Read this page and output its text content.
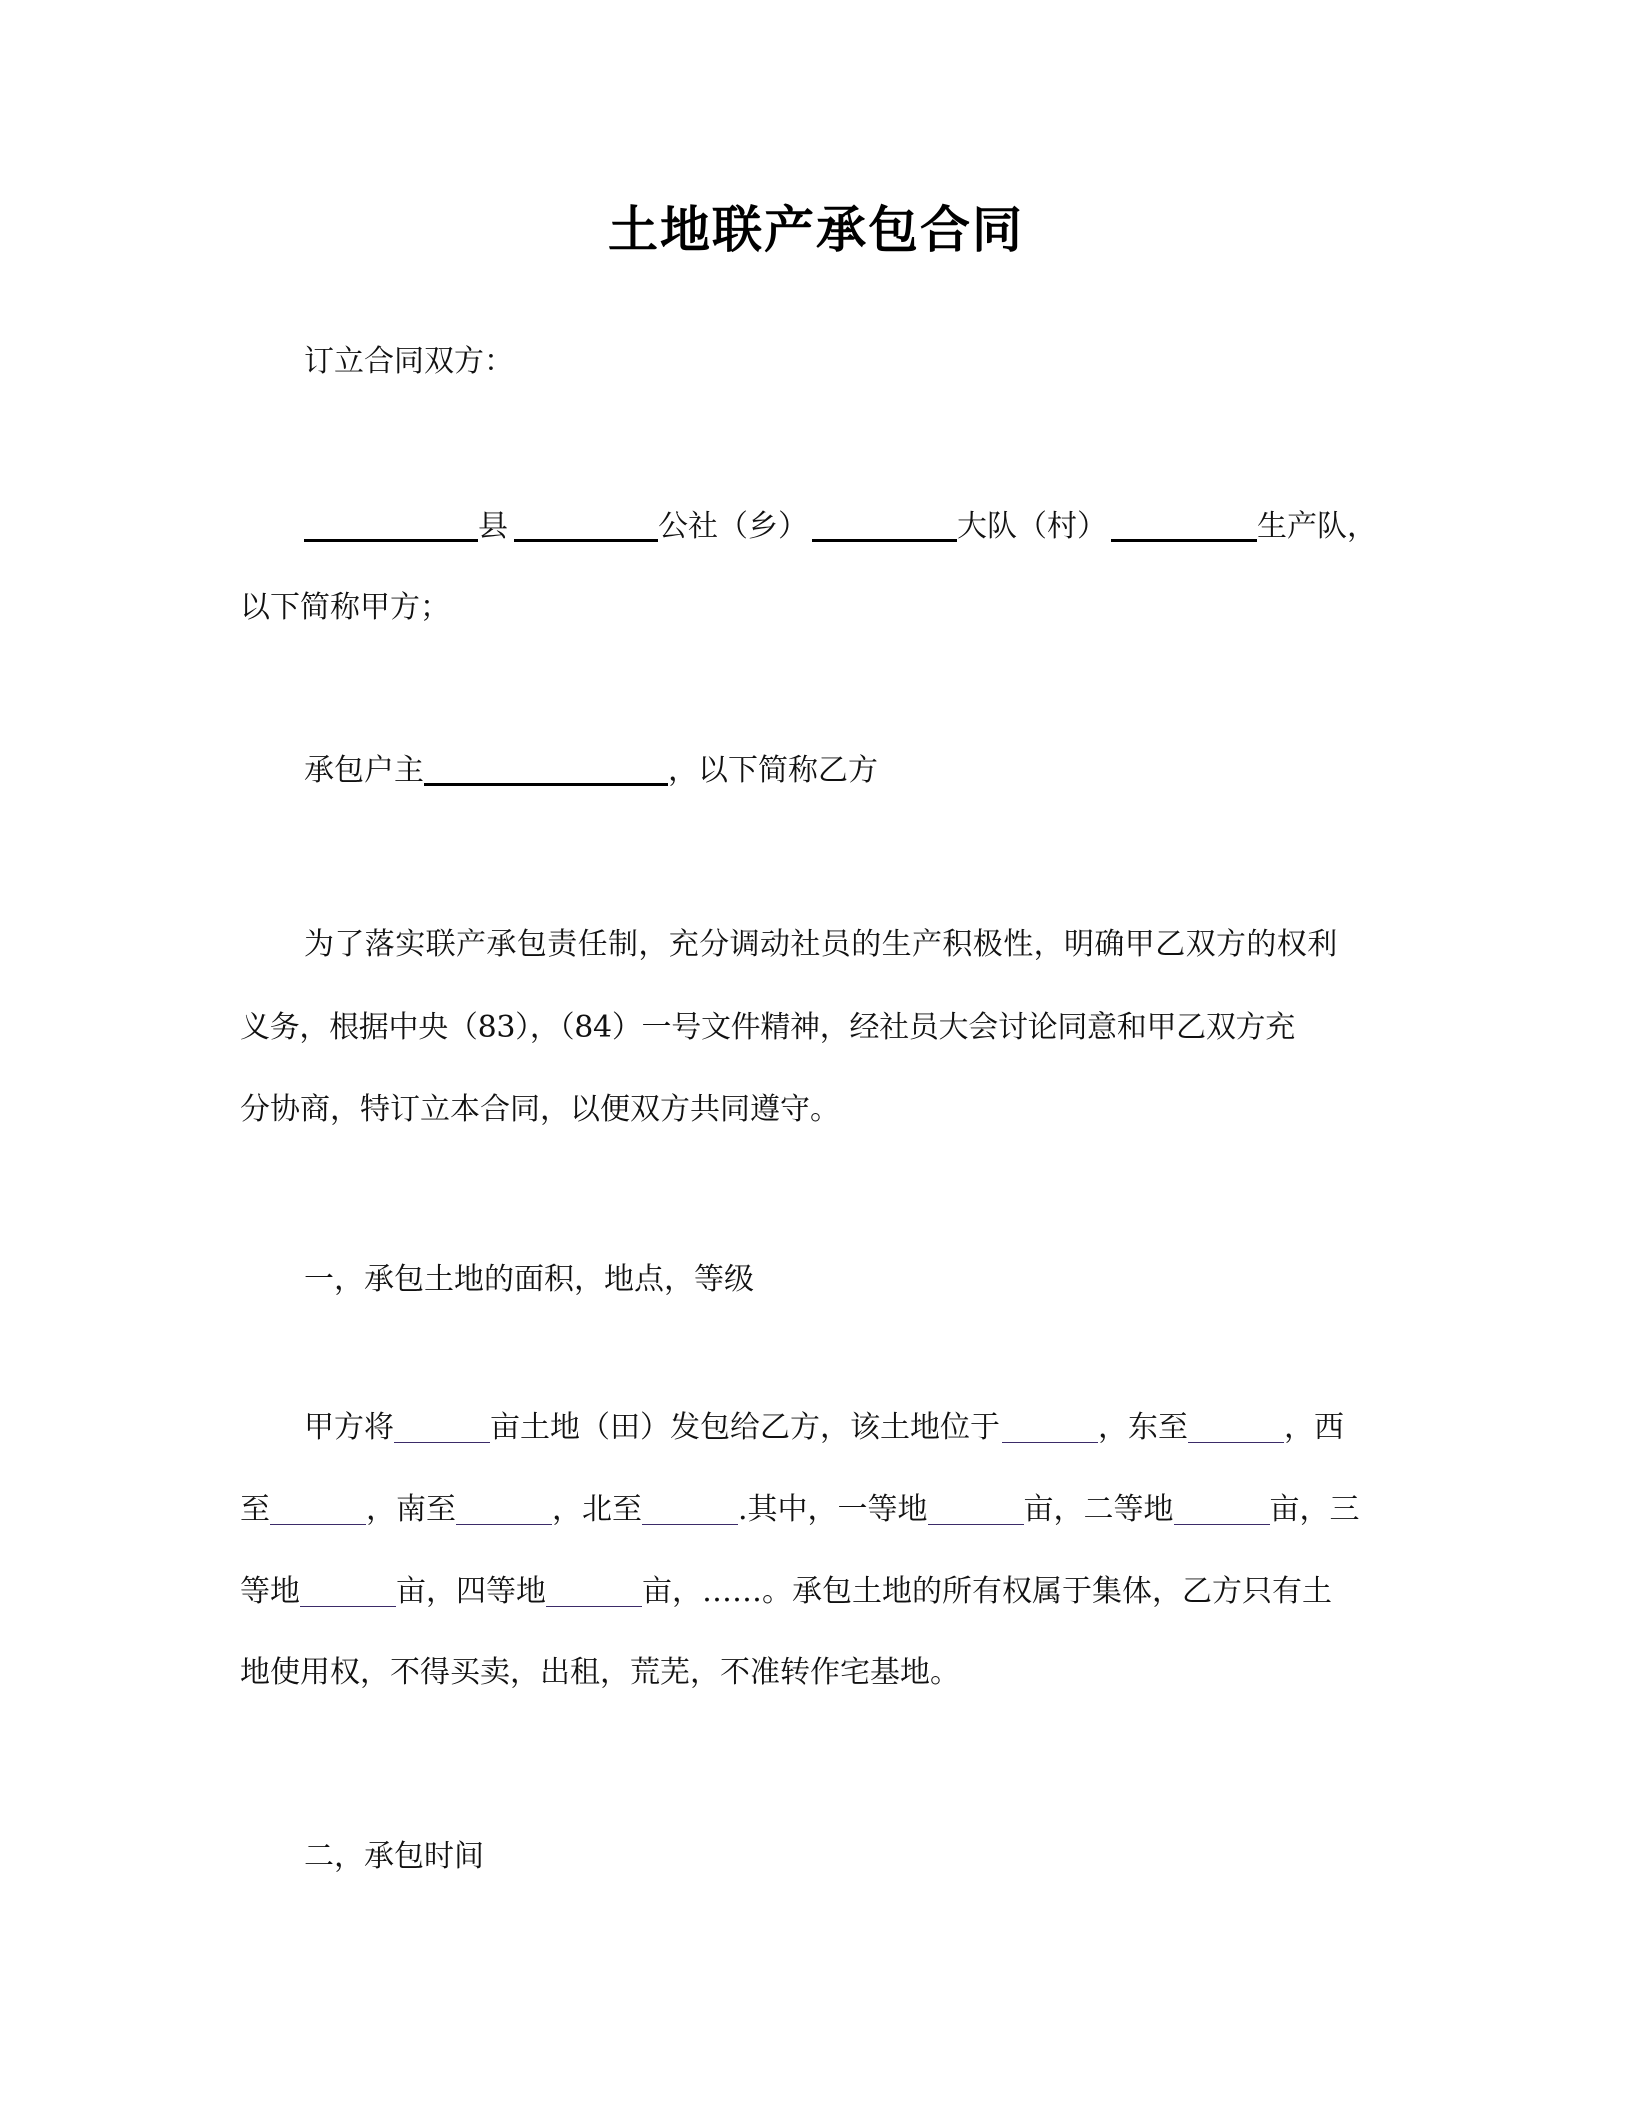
土地联产承包合同
订立合同双方：
县	公社（乡）	大队（村）	生产队，
以下简称甲方；
承包户主	，以下简称乙方
为了落实联产承包责任制，充分调动社员的生产积极性，明确甲乙双方的权利
义务，根据中央（83），（84）一号文件精神，经社员大会讨论同意和甲乙双方充
分协商，特订立本合同，以便双方共同遵守。
一，承包土地的面积，地点，等级
甲方将	亩土地（田）发包给乙方，该土地位于	，东至	，西
至	，南至	，北至	.其中，一等地	亩，二等地	亩，三
等地	亩，四等地	亩，……。承包土地的所有权属于集体，乙方只有土
地使用权，不得买卖，出租，荒芜，不准转作宅基地。
二，承包时间
